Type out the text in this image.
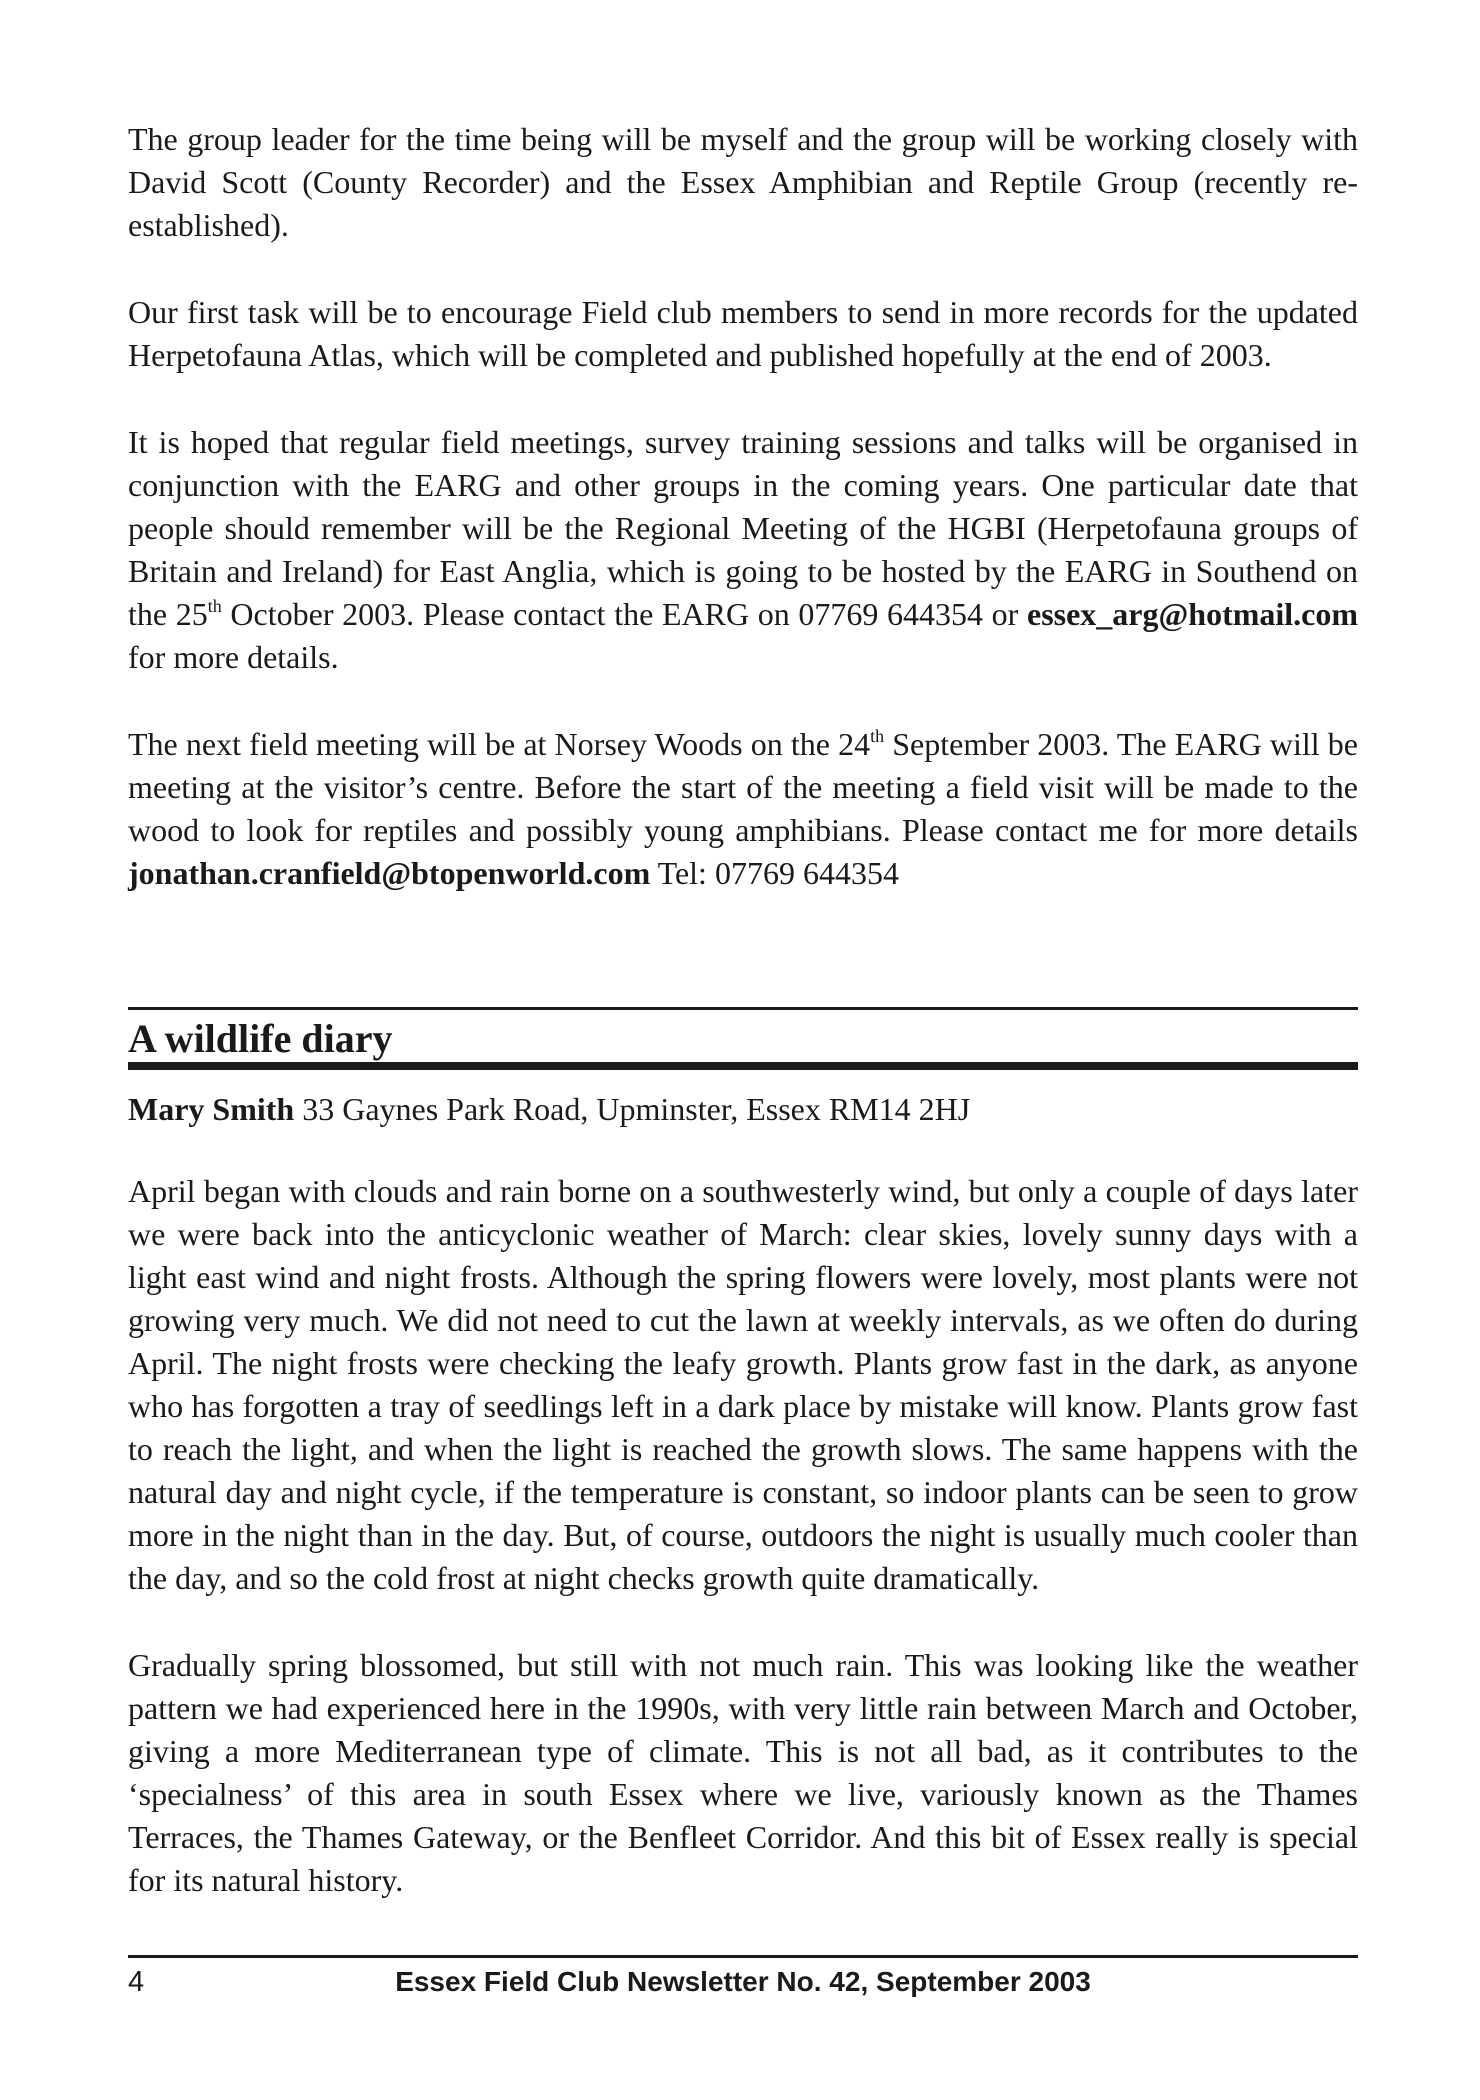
The group leader for the time being will be myself and the group will be working closely with David Scott (County Recorder) and the Essex Amphibian and Reptile Group (recently re-established).

Our first task will be to encourage Field club members to send in more records for the updated Herpetofauna Atlas, which will be completed and published hopefully at the end of 2003.

It is hoped that regular field meetings, survey training sessions and talks will be organised in conjunction with the EARG and other groups in the coming years. One particular date that people should remember will be the Regional Meeting of the HGBI (Herpetofauna groups of Britain and Ireland) for East Anglia, which is going to be hosted by the EARG in Southend on the 25th October 2003. Please contact the EARG on 07769 644354 or essex_arg@hotmail.com for more details.

The next field meeting will be at Norsey Woods on the 24th September 2003. The EARG will be meeting at the visitor’s centre. Before the start of the meeting a field visit will be made to the wood to look for reptiles and possibly young amphibians. Please contact me for more details jonathan.cranfield@btopenworld.com Tel: 07769 644354

A wildlife diary

Mary Smith 33 Gaynes Park Road, Upminster, Essex RM14 2HJ

April began with clouds and rain borne on a southwesterly wind, but only a couple of days later we were back into the anticyclonic weather of March: clear skies, lovely sunny days with a light east wind and night frosts. Although the spring flowers were lovely, most plants were not growing very much. We did not need to cut the lawn at weekly intervals, as we often do during April. The night frosts were checking the leafy growth. Plants grow fast in the dark, as anyone who has forgotten a tray of seedlings left in a dark place by mistake will know. Plants grow fast to reach the light, and when the light is reached the growth slows. The same happens with the natural day and night cycle, if the temperature is constant, so indoor plants can be seen to grow more in the night than in the day. But, of course, outdoors the night is usually much cooler than the day, and so the cold frost at night checks growth quite dramatically.

Gradually spring blossomed, but still with not much rain. This was looking like the weather pattern we had experienced here in the 1990s, with very little rain between March and October, giving a more Mediterranean type of climate. This is not all bad, as it contributes to the ‘specialness’ of this area in south Essex where we live, variously known as the Thames Terraces, the Thames Gateway, or the Benfleet Corridor. And this bit of Essex really is special for its natural history.

4	Essex Field Club Newsletter No. 42, September 2003
